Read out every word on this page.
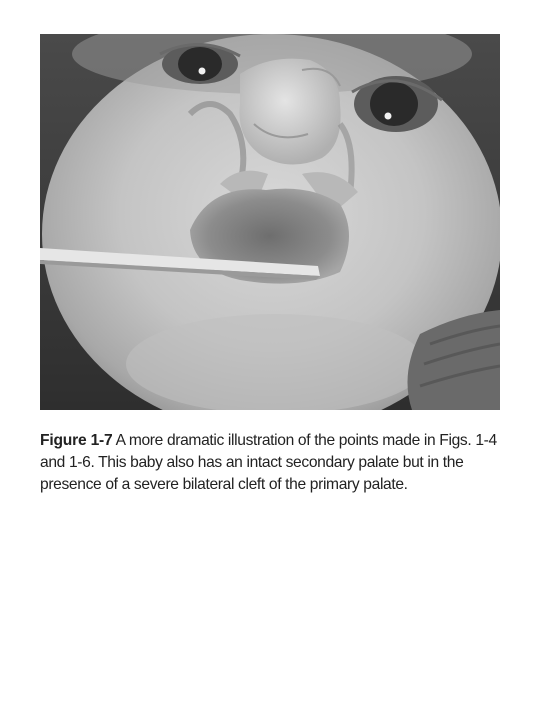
Figure 1-7 A more dramatic illustration of the points made in Figs. 1-4 and 1-6. This baby also has an intact secondary palate but in the presence of a severe bilateral cleft of the primary palate.
